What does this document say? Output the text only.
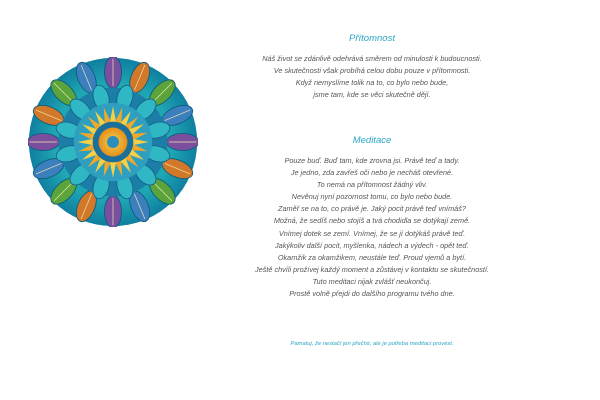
Přítomnost

Náš život se zdánlivě odehrává směrem od minulosti k budoucnosti.

Ve skutečnosti však probíhá celou dobu pouze v přítomnosti.

Když nemyslíme tolik na to, co bylo nebo bude,

jsme tam, kde se věci skutečně dějí.

Meditace

Pouze buď. Buď tam, kde zrovna jsi. Právě teď a tady.

Je jedno, zda zavřeš oči nebo je necháš otevřené.

To nemá na přítomnost žádný vliv.

Nevěnuj nyní pozornost tomu, co bylo nebo bude.

Zaměř se na to, co právě je. Jaký pocit právě teď vnímáš?

Možná, že sedíš nebo stojíš a tvá chodidla se dotýkají země.

Vnímej dotek se zemí. Vnímej, že se jí dotýkáš právě teď.

Jakýkoliv další pocit, myšlenka, nádech a výdech - opět teď.

Okamžik za okamžikem, neustále teď. Proud vjemů a bytí.

Ještě chvíli prožívej každý moment a zůstávej v kontaktu se skutečností.

Tuto meditaci nijak zvlášť neukončuj.

Prostě volně přejdi do dalšího programu tvého dne.

Pamatuj, že nestačí jen přečíst, ale je potřeba meditaci provést.
